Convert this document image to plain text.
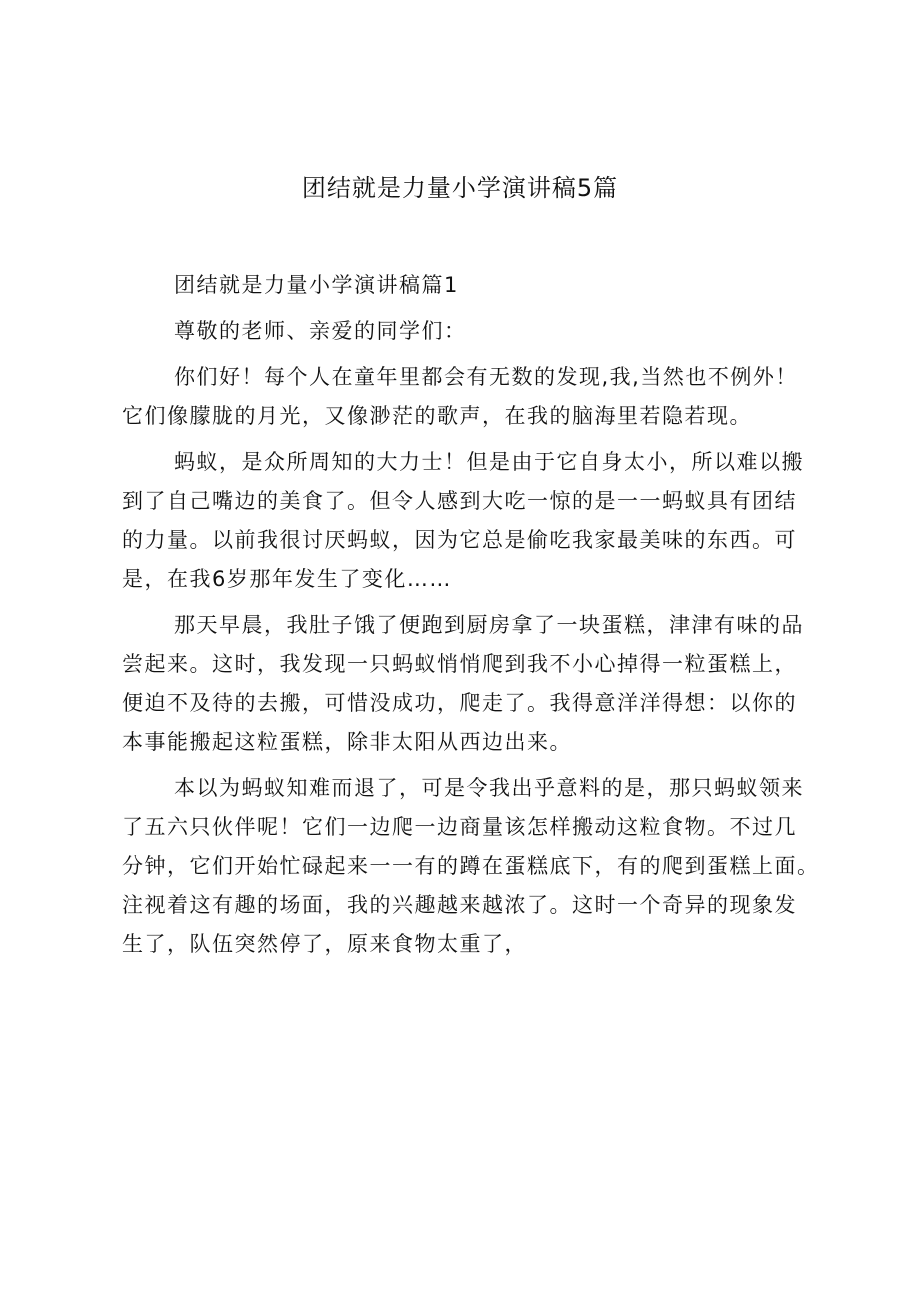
团结就是力量小学演讲稿5篇

团结就是力量小学演讲稿篇1

尊敬的老师、亲爱的同学们：

你们好！每个人在童年里都会有无数的发现,我,当然也不例外！
它们像朦胧的月光，又像渺茫的歌声，在我的脑海里若隐若现。

蚂蚁，是众所周知的大力士！但是由于它自身太小，所以难以搬
到了自己嘴边的美食了。但令人感到大吃一惊的是一一蚂蚁具有团结
的力量。以前我很讨厌蚂蚁，因为它总是偷吃我家最美味的东西。可
是，在我6岁那年发生了变化……

那天早晨，我肚子饿了便跑到厨房拿了一块蛋糕，津津有味的品
尝起来。这时，我发现一只蚂蚁悄悄爬到我不小心掉得一粒蛋糕上，
便迫不及待的去搬，可惜没成功，爬走了。我得意洋洋得想：以你的
本事能搬起这粒蛋糕，除非太阳从西边出来。

本以为蚂蚁知难而退了，可是令我出乎意料的是，那只蚂蚁领来
了五六只伙伴呢！它们一边爬一边商量该怎样搬动这粒食物。不过几
分钟，它们开始忙碌起来一一有的蹲在蛋糕底下，有的爬到蛋糕上面。
注视着这有趣的场面，我的兴趣越来越浓了。这时一个奇异的现象发
生了，队伍突然停了，原来食物太重了，
